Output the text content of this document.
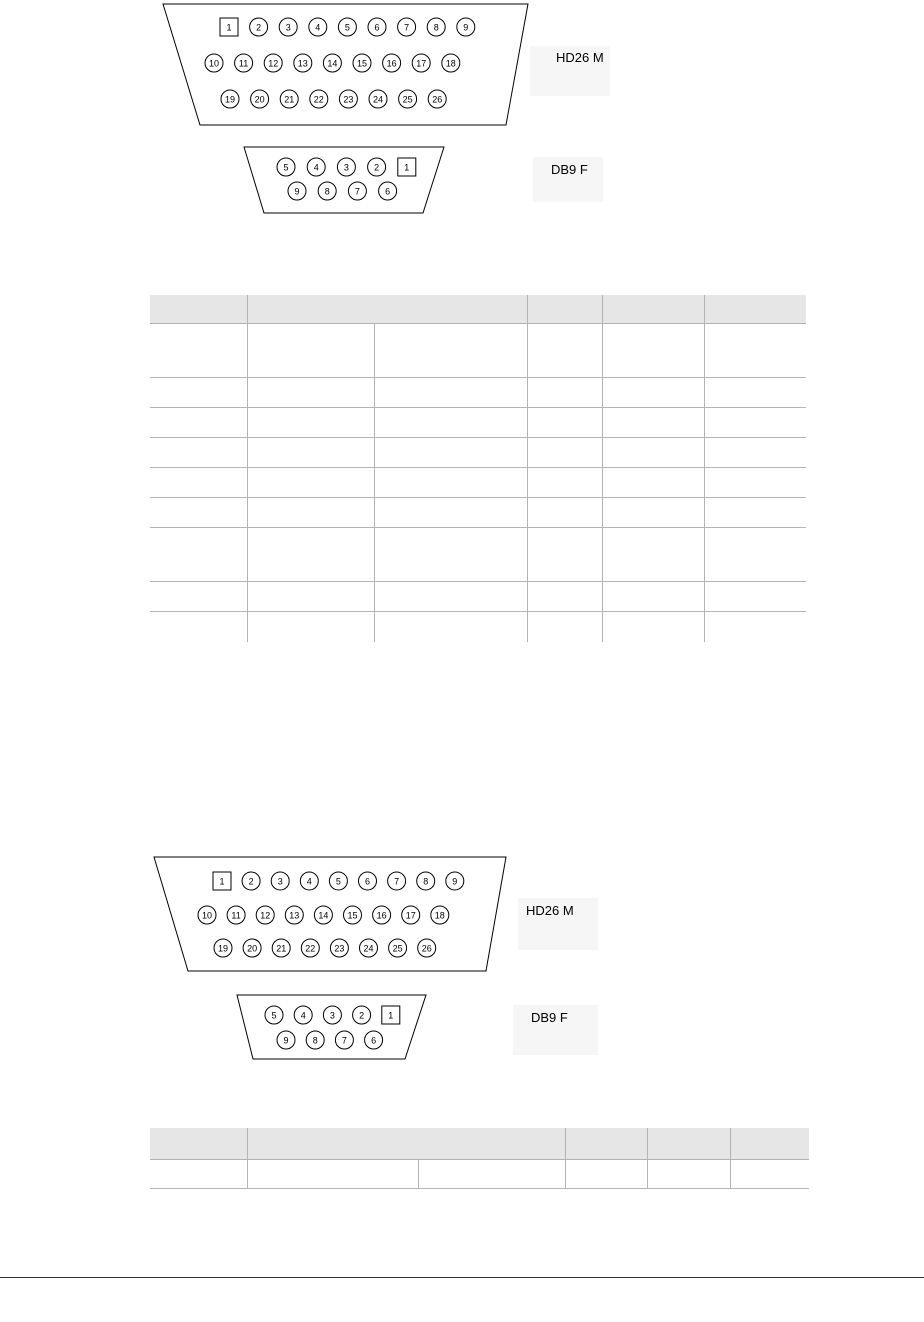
1	2	3	4	5	6	7	8	9
10 11 12 13 14 15 16 17 18
19 20 21 22 23 24 25 26
5	4	3	2	1
9	8	7	6
HD26 M
DB9 F
1	2	3	4	5	6	7	8	9
10 11 12 13 14 15 16 17 18
19 20 21 22 23 24 25 26
5	4	3	2	1
9	8	7	6
HD26 M
DB9 F
